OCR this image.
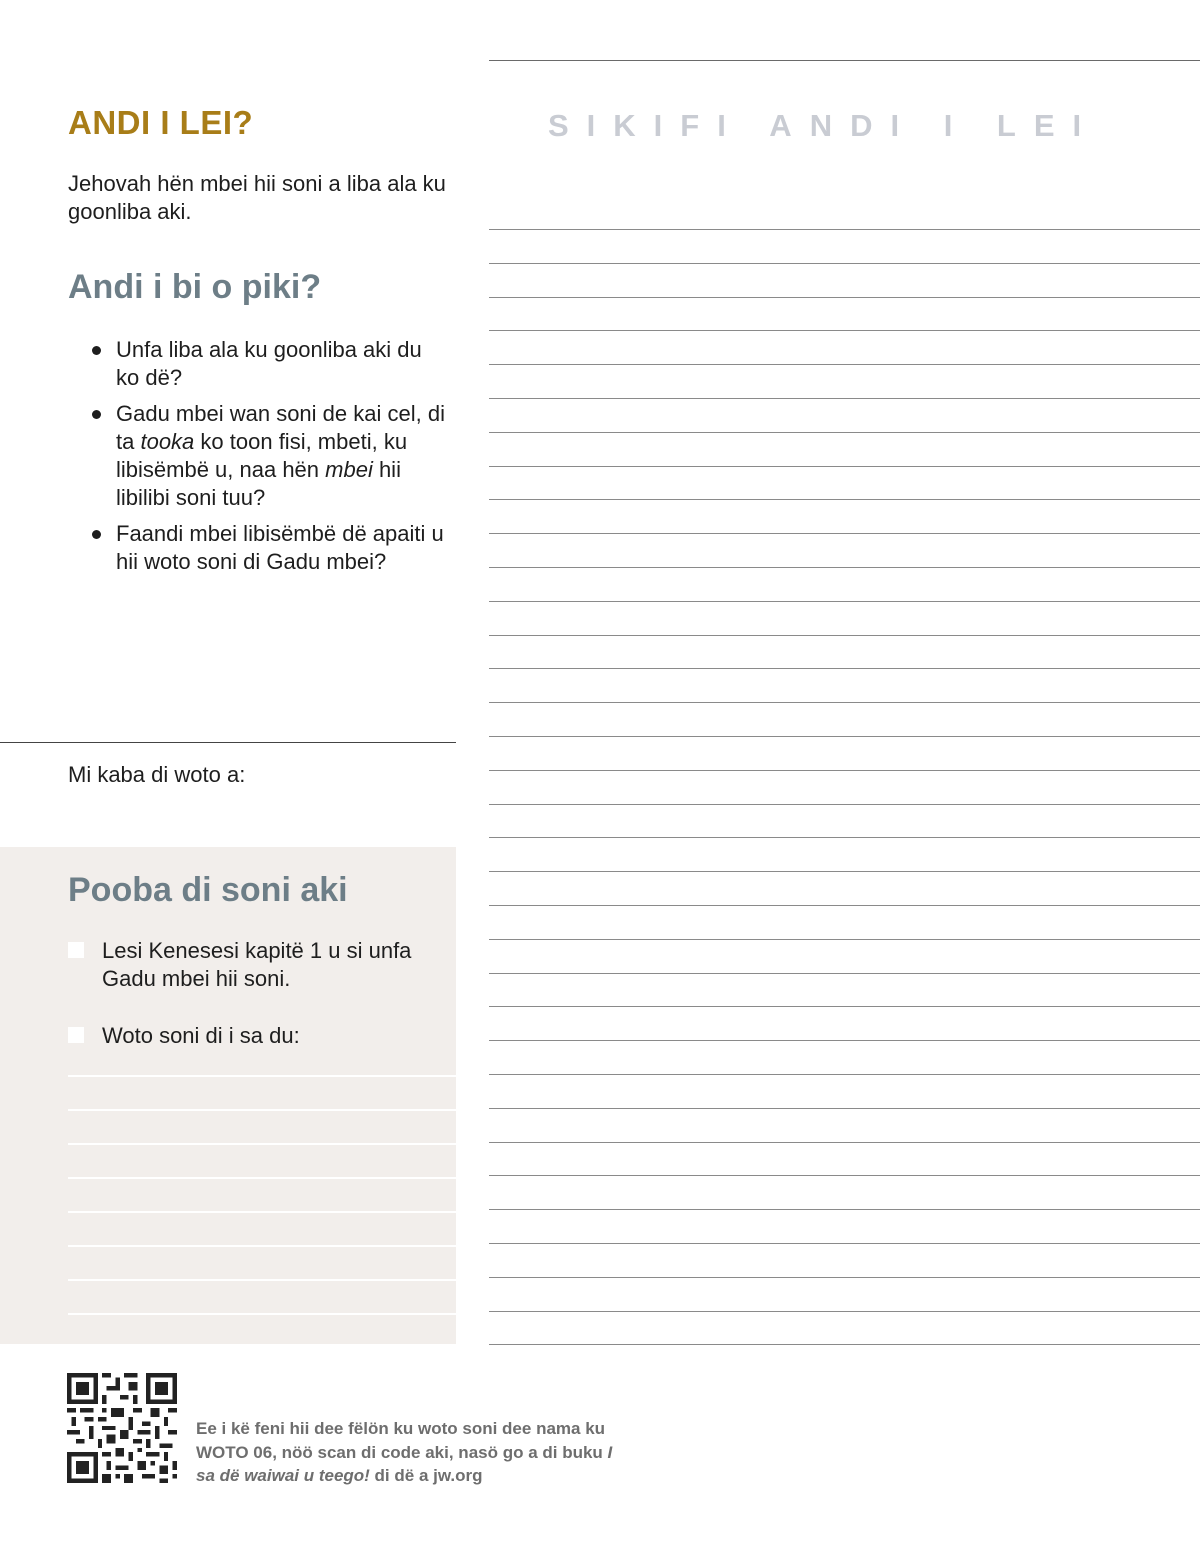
ANDI I LEI?

Jehovah hën mbei hii soni a liba ala ku goonliba aki.

Andi i bi o piki?
Unfa liba ala ku goonliba aki du ko dë?
Gadu mbei wan soni de kai cel, di ta tooka ko toon fisi, mbeti, ku libisëmbë u, naa hën mbei hii libilibi soni tuu?
Faandi mbei libisëmbë dë apaiti u hii woto soni di Gadu mbei?

Mi kaba di woto a:

Pooba di soni aki
Lesi Kenesesi kapitë 1 u si unfa Gadu mbei hii soni.
Woto soni di i sa du:
SIKIFI ANDI I LEI

Ee i kë feni hii dee fëlön ku woto soni dee nama ku WOTO 06, nöö scan di code aki, nasö go a di buku I sa dë waiwai u teego! di dë a jw.org
